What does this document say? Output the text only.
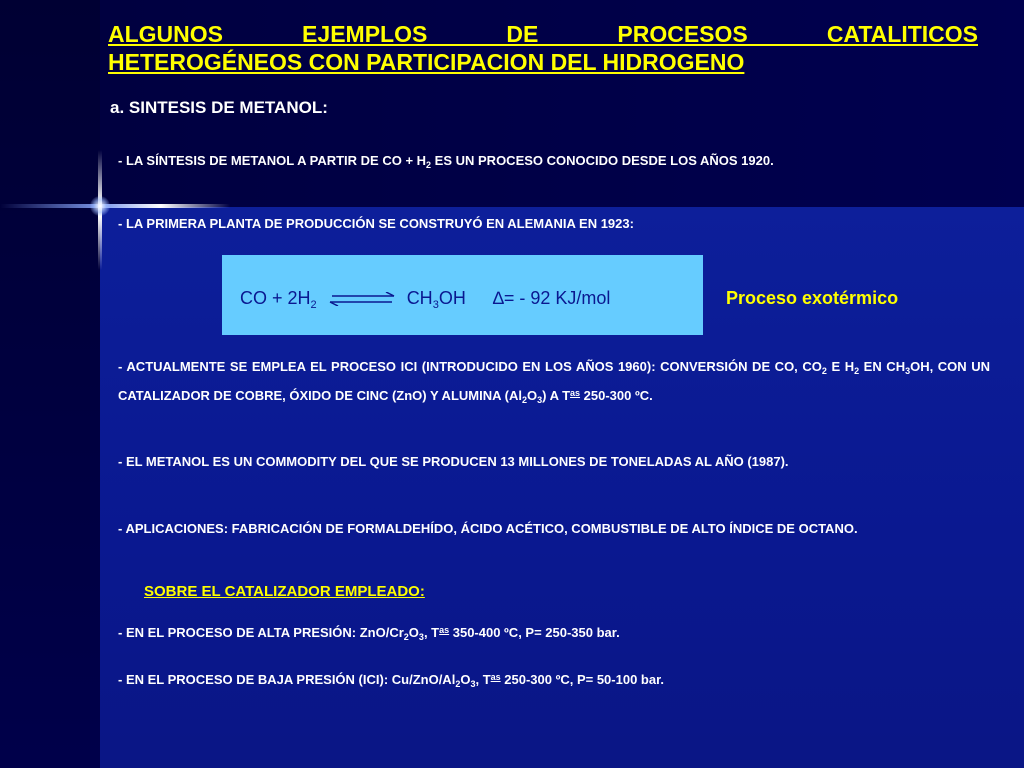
ALGUNOS EJEMPLOS DE PROCESOS CATALITICOS
HETEROGÉNEOS CON PARTICIPACION DEL HIDROGENO

a. SINTESIS DE METANOL:

- LA SÍNTESIS DE METANOL A PARTIR DE CO + $H_2$ ES UN PROCESO CONOCIDO DESDE LOS AÑOS 1920.

- LA PRIMERA PLANTA DE PRODUCCIÓN SE CONSTRUYÓ EN ALEMANIA EN 1923:

CO + $2H_2$ ⇌ $CH_3OH$ ∆= - 92 KJ/mol	Proceso exotérmico

- ACTUALMENTE SE EMPLEA EL PROCESO ICI (INTRODUCIDO EN LOS AÑOS 1960): CONVERSIÓN DE CO, $CO_2$ E $H_2$ EN $CH_3OH$, CON UN CATALIZADOR DE COBRE, ÓXIDO DE CINC (ZnO) Y ALUMINA $(Al_2O_3)$ A $T^{as}$ 250-300 ºC.

- EL METANOL ES UN COMMODITY DEL QUE SE PRODUCEN 13 MILLONES DE TONELADAS AL AÑO (1987).

- APLICACIONES: FABRICACIÓN DE FORMALDEHÍDO, ÁCIDO ACÉTICO, COMBUSTIBLE DE ALTO ÍNDICE DE OCTANO.

SOBRE EL CATALIZADOR EMPLEADO:

- EN EL PROCESO DE ALTA PRESIÓN: ZnO/$Cr_2O_3$, $T^{as}$ 350-400 ºC, P= 250-350 bar.

- EN EL PROCESO DE BAJA PRESIÓN (ICI): $Cu/ZnO/Al_2O_3$, $T^{as}$ 250-300 ºC, P= 50-100 bar.
